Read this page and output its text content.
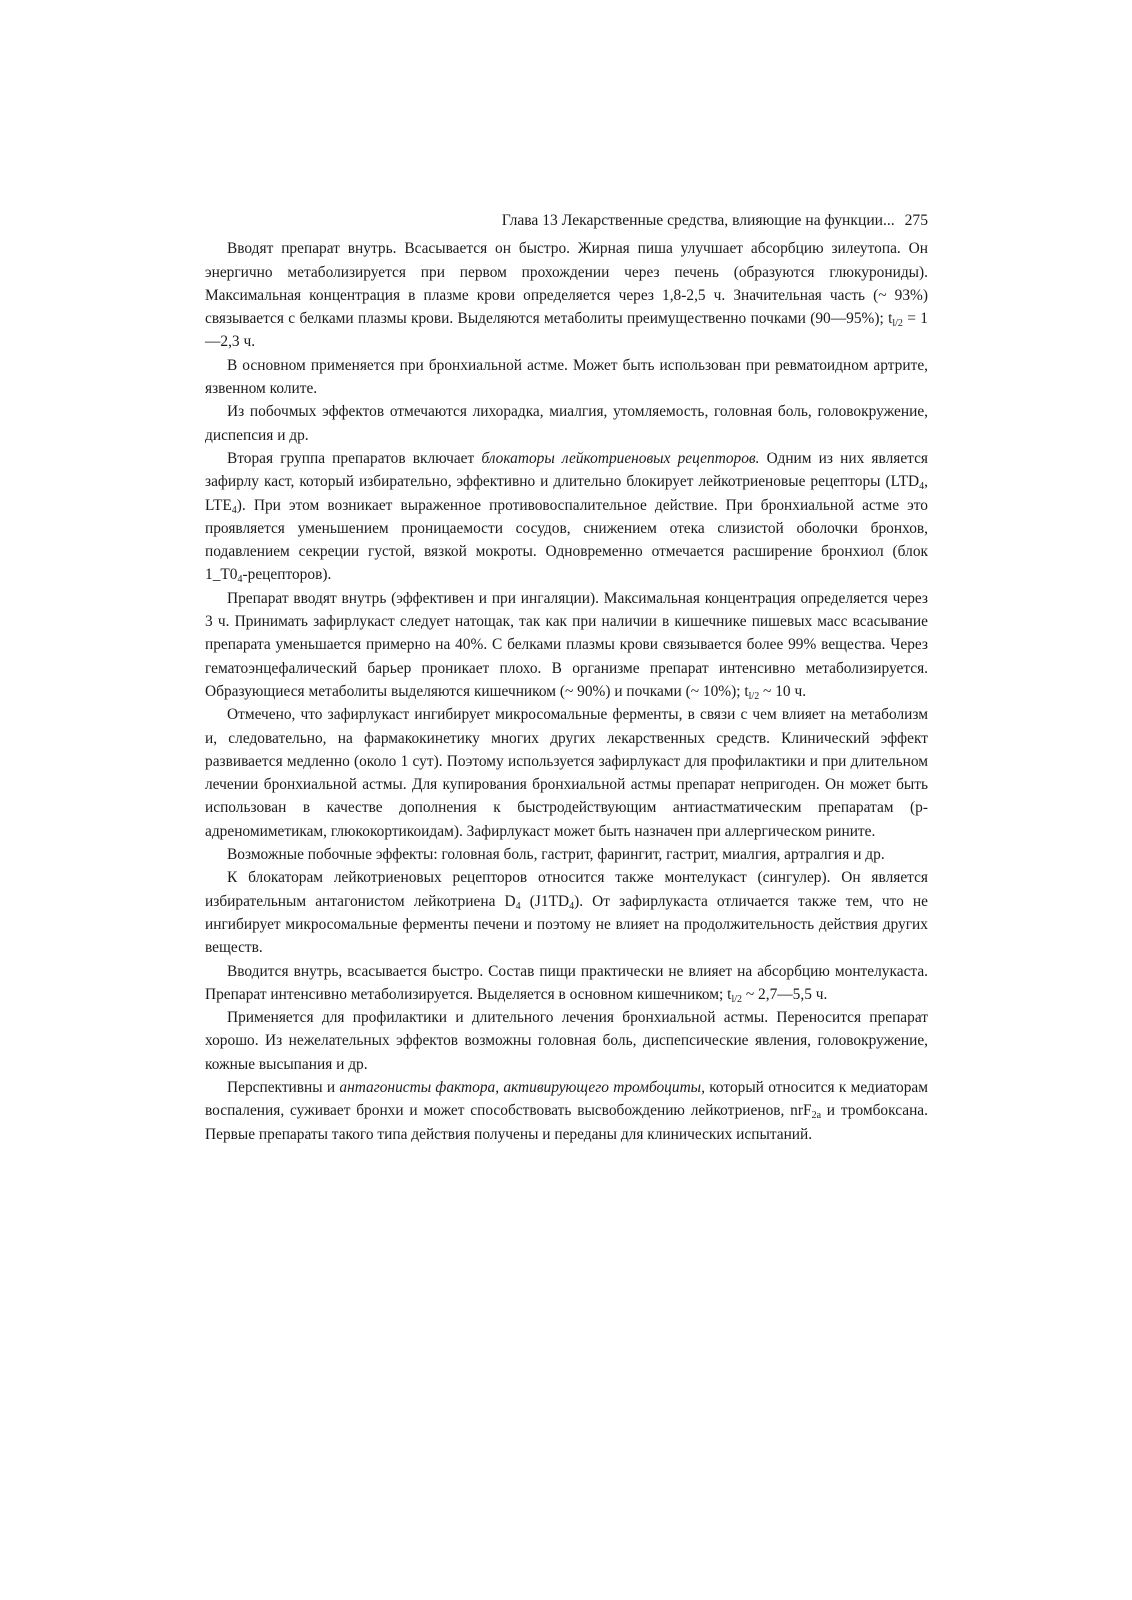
Глава 13 Лекарственные средства, влияющие на функции... 275

Вводят препарат внутрь. Всасывается он быстро. Жирная пиша улучшает абсорбцию зилеутопа. Он энергично метаболизируется при первом прохождении через печень (образуются глюкурониды). Максимальная концентрация в плазме крови определяется через 1,8-2,5 ч. Значительная часть (~ 93%) связывается с белками плазмы крови. Выделяются метаболиты преимущественно почками (90—95%); $t_{l/2}$ = 1—2,3 ч.

В основном применяется при бронхиальной астме. Может быть использован при ревматоидном артрите, язвенном колите.

Из побочмых эффектов отмечаются лихорадка, миалгия, утомляемость, головная боль, головокружение, диспепсия и др.

Вторая группа препаратов включает блокаторы лейкотриеновых рецепторов. Одним из них является зафирлу каст, который избирательно, эффективно и длительно блокирует лейкотриеновые рецепторы ($LTD_4$, $LTE_4$). При этом возникает выраженное противовоспалительное действие. При бронхиальной астме это проявляется уменьшением проницаемости сосудов, снижением отека слизистой оболочки бронхов, подавлением секреции густой, вязкой мокроты. Одновременно отмечается расширение бронхиол (блок $1\_T0_4-рецепторов$).

Препарат вводят внутрь (эффективен и при ингаляции). Максимальная концентрация определяется через 3 ч. Принимать зафирлукаст следует натощак, так как при наличии в кишечнике пишевых масс всасывание препарата уменьшается примерно на 40%. С белками плазмы крови связывается более 99% вещества. Через гематоэнцефалический барьер проникает плохо. В организме препарат интенсивно метаболизируется. Образующиеся метаболиты выделяются кишечником (~ 90%) и почками (~ 10%); $t_{l/2}$ ~ 10 ч.

Отмечено, что зафирлукаст ингибирует микросомальные ферменты, в связи с чем влияет на метаболизм и, следовательно, на фармакокинетику многих других лекарственных средств. Клинический эффект развивается медленно (около 1 сут). Поэтому используется зафирлукаст для профилактики и при длительном лечении бронхиальной астмы. Для купирования бронхиальной астмы препарат непригоден. Он может быть использован в качестве дополнения к быстродействующим антиастматическим препаратам (р-адреномиметикам, глюкокортикоидам). Зафирлукаст может быть назначен при аллергическом рините.

Возможные побочные эффекты: головная боль, гастрит, фарингит, гастрит, миалгия, артралгия и др.

К блокаторам лейкотриеновых рецепторов относится также монтелукаст (сингулер). Он является избирательным антагонистом лейкотриена $D_4$ $(J1TD_4)$. От зафирлукаста отличается также тем, что не ингибирует микросомальные ферменты печени и поэтому не влияет на продолжительность действия других веществ.

Вводится внутрь, всасывается быстро. Состав пищи практически не влияет на абсорбцию монтелукаста. Препарат интенсивно метаболизируется. Выделяется в основном кишечником; $t_{l/2}$ ~ 2,7—5,5 ч.

Применяется для профилактики и длительного лечения бронхиальной астмы. Переносится препарат хорошо. Из нежелательных эффектов возможны головная боль, диспепсические явления, головокружение, кожные высыпания и др.

Перспективны и антагонисты фактора, активирующего тромбоциты, который относится к медиаторам воспаления, суживает бронхи и может способствовать высвобождению лейкотриенов, nrF$_{2a}$ и тромбоксана. Первые препараты такого типа действия получены и переданы для клинических испытаний.
